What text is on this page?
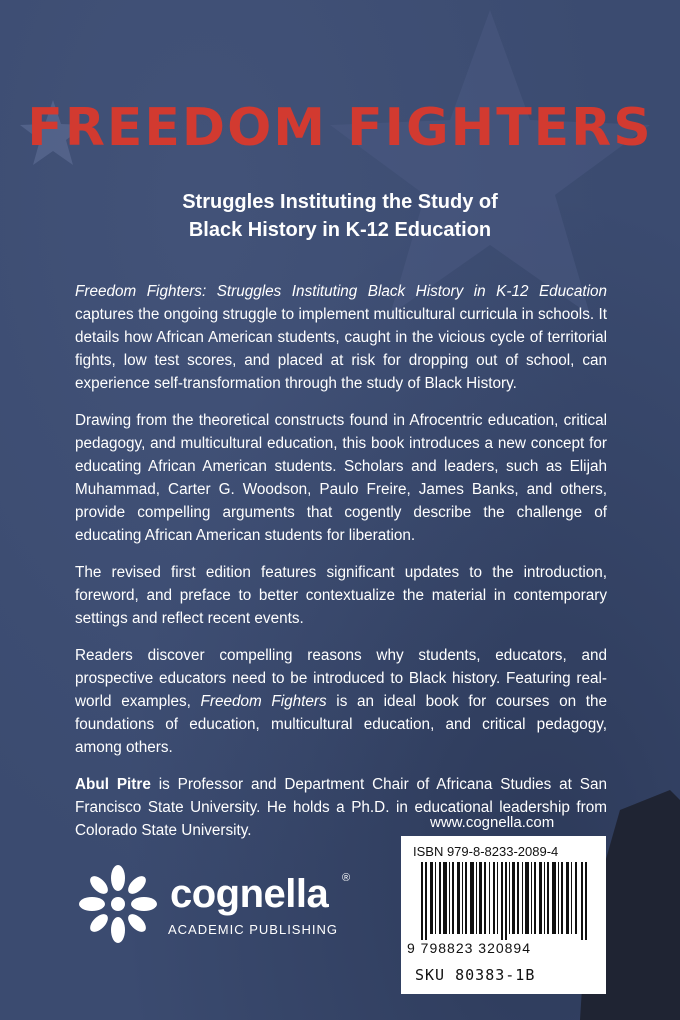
FREEDOM FIGHTERS
Struggles Instituting the Study of
Black History in K-12 Education

Freedom Fighters: Struggles Instituting Black History in K-12 Education captures the ongoing struggle to implement multicultural curricula in schools. It details how African American students, caught in the vicious cycle of territorial fights, low test scores, and placed at risk for dropping out of school, can experience self-transformation through the study of Black History.

Drawing from the theoretical constructs found in Afrocentric education, critical pedagogy, and multicultural education, this book introduces a new concept for educating African American students. Scholars and leaders, such as Elijah Muhammad, Carter G. Woodson, Paulo Freire, James Banks, and others, provide compelling arguments that cogently describe the challenge of educating African American students for liberation.

The revised first edition features significant updates to the introduction, foreword, and preface to better contextualize the material in contemporary settings and reflect recent events.

Readers discover compelling reasons why students, educators, and prospective educators need to be introduced to Black history. Featuring real-world examples, Freedom Fighters is an ideal book for courses on the foundations of education, multicultural education, and critical pedagogy, among others.

Abul Pitre is Professor and Department Chair of Africana Studies at San Francisco State University. He holds a Ph.D. in educational leadership from Colorado State University.	www.cognella.com
ISBN 979-8-8233-2089-4
9 798823 320894
SKU 80383-1B
cognella ®
ACADEMIC PUBLISHING
